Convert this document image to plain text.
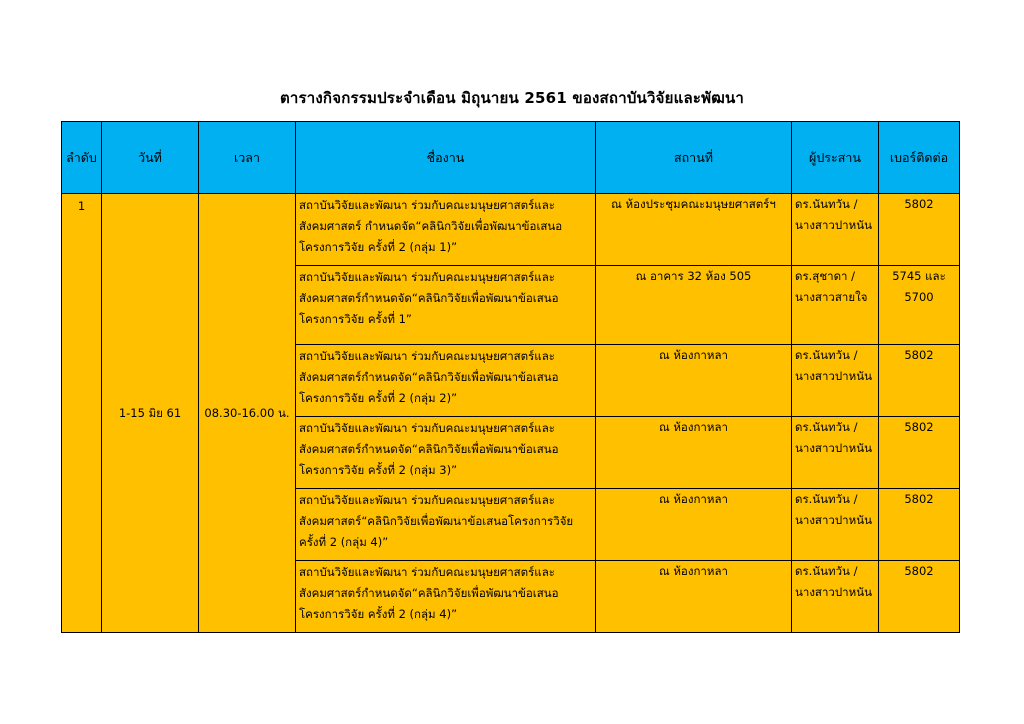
ตารางกิจกรรมประจำเดือน มิถุนายน 2561 ของสถาบันวิจัยและพัฒนา
ลำดับ	วันที่	เวลา	ชื่องาน	สถานที่	ผู้ประสาน	เบอร์ติดต่อ
1	1-15 มิย 61	08.30-16.00 น.	สถาบันวิจัยและพัฒนา ร่วมกับคณะมนุษยศาสตร์และ
สังคมศาสตร์ กำหนดจัด“คลินิกวิจัยเพื่อพัฒนาข้อเสนอ
โครงการวิจัย ครั้งที่ 2 (กลุ่ม 1)”	ณ ห้องประชุมคณะมนุษยศาสตร์ฯ	ดร.นันทวัน /
นางสาวปาหนัน	5802

			สถาบันวิจัยและพัฒนา ร่วมกับคณะมนุษยศาสตร์และ
สังคมศาสตร์กำหนดจัด“คลินิกวิจัยเพื่อพัฒนาข้อเสนอ
โครงการวิจัย ครั้งที่ 1”	ณ อาคาร 32 ห้อง 505	ดร.สุชาดา /
นางสาวสายใจ	5745 และ
5700

			สถาบันวิจัยและพัฒนา ร่วมกับคณะมนุษยศาสตร์และ
สังคมศาสตร์กำหนดจัด“คลินิกวิจัยเพื่อพัฒนาข้อเสนอ
โครงการวิจัย ครั้งที่ 2 (กลุ่ม 2)”	ณ ห้องกาหลา	ดร.นันทวัน /
นางสาวปาหนัน	5802

			สถาบันวิจัยและพัฒนา ร่วมกับคณะมนุษยศาสตร์และ
สังคมศาสตร์กำหนดจัด“คลินิกวิจัยเพื่อพัฒนาข้อเสนอ
โครงการวิจัย ครั้งที่ 2 (กลุ่ม 3)”	ณ ห้องกาหลา	ดร.นันทวัน /
นางสาวปาหนัน	5802

			สถาบันวิจัยและพัฒนา ร่วมกับคณะมนุษยศาสตร์และ
สังคมศาสตร์“คลินิกวิจัยเพื่อพัฒนาข้อเสนอโครงการวิจัย
ครั้งที่ 2 (กลุ่ม 4)”	ณ ห้องกาหลา	ดร.นันทวัน /
นางสาวปาหนัน	5802

			สถาบันวิจัยและพัฒนา ร่วมกับคณะมนุษยศาสตร์และ
สังคมศาสตร์กำหนดจัด“คลินิกวิจัยเพื่อพัฒนาข้อเสนอ
โครงการวิจัย ครั้งที่ 2 (กลุ่ม 4)”	ณ ห้องกาหลา	ดร.นันทวัน /
นางสาวปาหนัน	5802
